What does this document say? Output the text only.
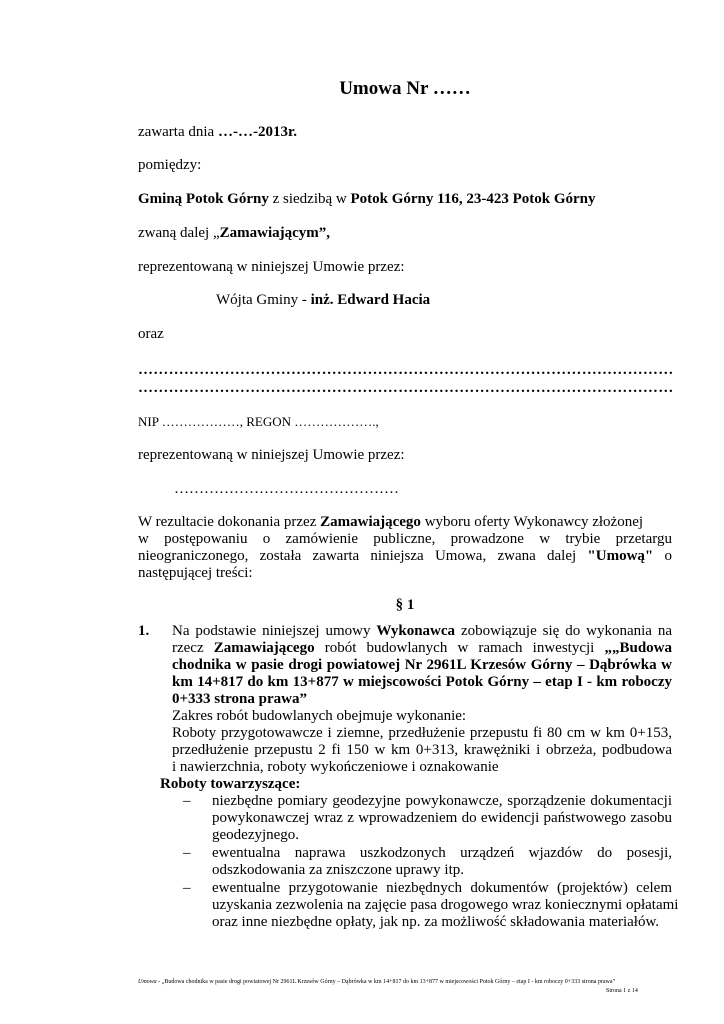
Umowa Nr ……
zawarta dnia …-…-2013r.
pomiędzy:
Gminą Potok Górny z siedzibą w Potok Górny 116, 23-423 Potok Górny
zwaną dalej „Zamawiającym”,
reprezentowaną w niniejszej Umowie przez:
Wójta Gminy - inż. Edward Hacia
oraz
……………………………………………………………………………………………
……………………………………………………………………………………………
NIP ………………, REGON ……………….,
reprezentowaną w niniejszej Umowie przez:
………………………………………
W rezultacie dokonania przez Zamawiającego wyboru oferty Wykonawcy złożonej
w postępowaniu o zamówienie publiczne, prowadzone w trybie przetargu
nieograniczonego, została zawarta niniejsza Umowa, zwana dalej "Umową" o
następującej treści:
§ 1
1. Na podstawie niniejszej umowy Wykonawca zobowiązuje się do wykonania na
rzecz Zamawiającego robót budowlanych w ramach inwestycji „„Budowa
chodnika w pasie drogi powiatowej Nr 2961L Krzesów Górny – Dąbrówka w
km 14+817 do km 13+877 w miejscowości Potok Górny – etap I - km roboczy
0+333 strona prawa”
Zakres robót budowlanych obejmuje wykonanie:
Roboty przygotowawcze i ziemne, przedłużenie przepustu fi 80 cm w km 0+153,
przedłużenie przepustu 2 fi 150 w km 0+313, krawężniki i obrzeża, podbudowa
i nawierzchnia, roboty wykończeniowe i oznakowanie
Roboty towarzyszące:
– niezbędne pomiary geodezyjne powykonawcze, sporządzenie dokumentacji
powykonawczej wraz z wprowadzeniem do ewidencji państwowego zasobu
geodezyjnego.
– ewentualna naprawa uszkodzonych urządzeń wjazdów do posesji,
odszkodowania za zniszczone uprawy itp.
– ewentualne przygotowanie niezbędnych dokumentów (projektów) celem
uzyskania zezwolenia na zajęcie pasa drogowego wraz koniecznymi opłatami
oraz inne niezbędne opłaty, jak np. za możliwość składowania materiałów.
Umowa - „Budowa chodnika w pasie drogi powiatowej Nr 2961L Krzesów Górny – Dąbrówka w km 14+817 do km 13+877 w miejscowości Potok Górny – etap I - km roboczy 0+333 strona prawa”
Strona 1 z 14
